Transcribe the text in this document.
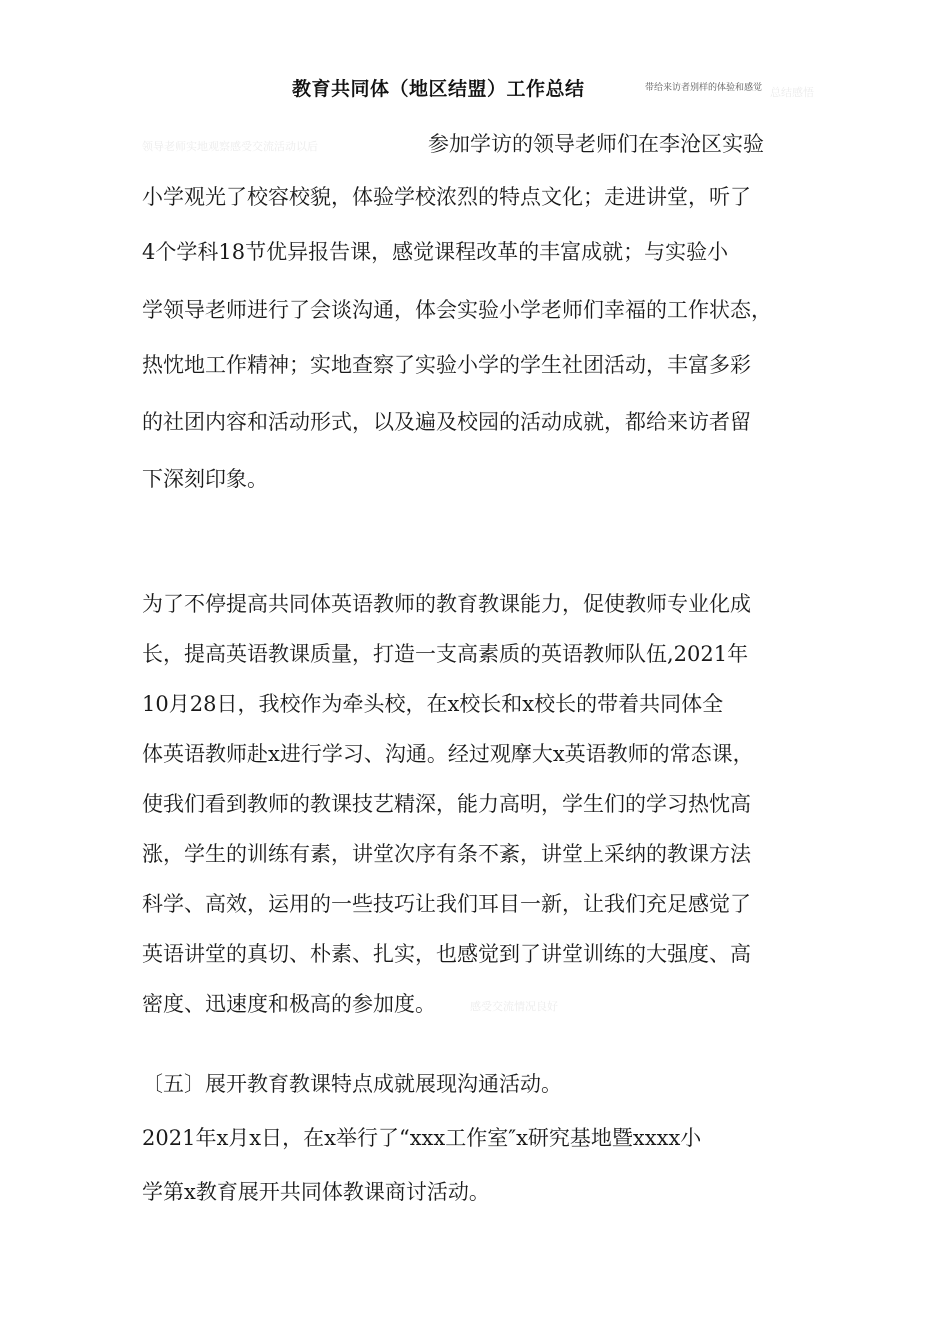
教育共同体（地区结盟）工作总结	带给来访者别样的体验和感觉 总结感悟
领导老师实地观察感受交流活动以后	参加学访的领导老师们在李沧区实验
小学观光了校容校貌，体验学校浓烈的特点文化；走进讲堂，听了
4个学科18节优异报告课，感觉课程改革的丰富成就；与实验小
学领导老师进行了会谈沟通，体会实验小学老师们幸福的工作状态，
热忱地工作精神；实地查察了实验小学的学生社团活动，丰富多彩
的社团内容和活动形式，以及遍及校园的活动成就，都给来访者留
下深刻印象。
为了不停提高共同体英语教师的教育教课能力，促使教师专业化成
长，提高英语教课质量，打造一支高素质的英语教师队伍,2021年
10月28日，我校作为牵头校，在x校长和x校长的带着共同体全
体英语教师赴x进行学习、沟通。经过观摩大x英语教师的常态课，
使我们看到教师的教课技艺精深，能力高明，学生们的学习热忱高
涨，学生的训练有素，讲堂次序有条不紊，讲堂上采纳的教课方法
科学、高效，运用的一些技巧让我们耳目一新，让我们充足感觉了
英语讲堂的真切、朴素、扎实，也感觉到了讲堂训练的大强度、高
密度、迅速度和极高的参加度。	感受交流情况良好
〔五〕展开教育教课特点成就展现沟通活动。
2021年x月x日，在x举行了“xxx工作室″x研究基地暨xxxx小
学第x教育展开共同体教课商讨活动。
